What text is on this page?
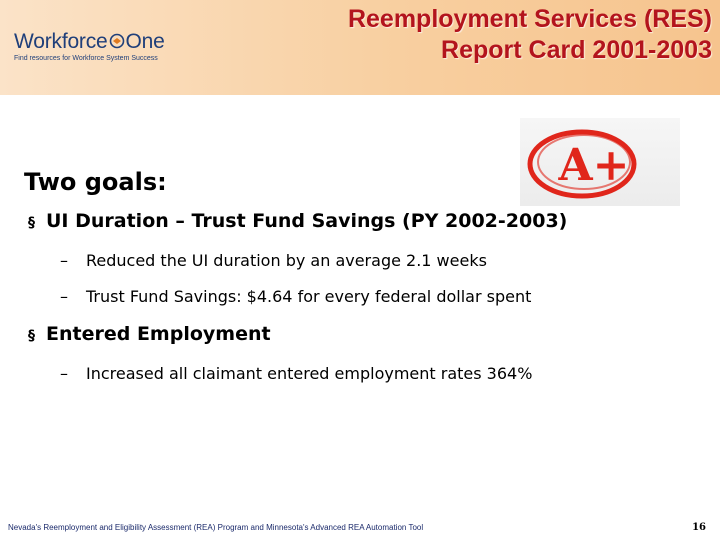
Workforce One
Find resources for Workforce System Success
Reemployment Services (RES)
Report Card 2001-2003
A+
Two goals:
§ UI Duration – Trust Fund Savings (PY 2002-2003)
– Reduced the UI duration by an average 2.1 weeks
– Trust Fund Savings: $4.64 for every federal dollar spent
§ Entered Employment
– Increased all claimant entered employment rates 364%
Nevada's Reemployment and Eligibility Assessment (REA) Program and Minnesota's Advanced REA Automation Tool	16
